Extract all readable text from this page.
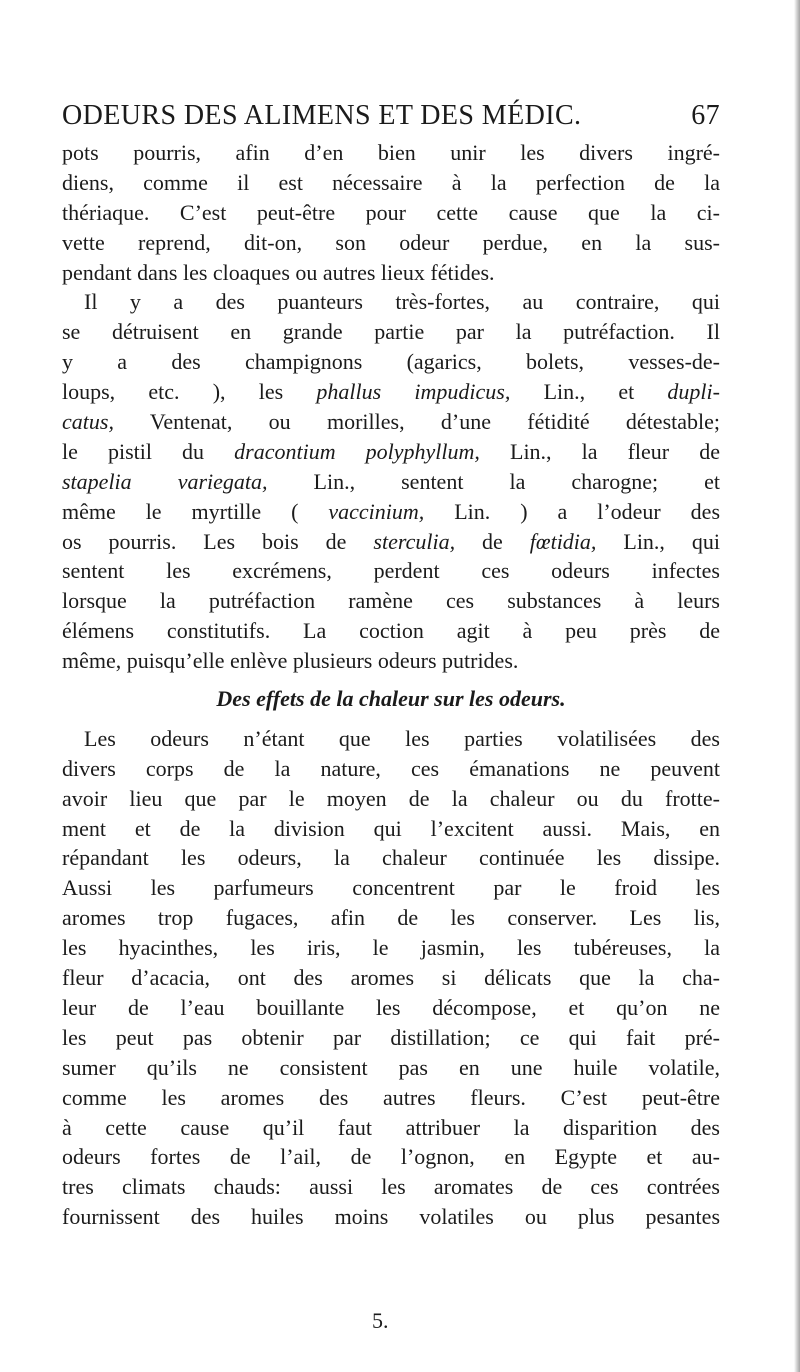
ODEURS DES ALIMENS ET DES MÉDIC.	67
pots pourris, afin d’en bien unir les divers ingré-
diens, comme il est nécessaire à la perfection de la
thériaque. C’est peut-être pour cette cause que la ci-
vette reprend, dit-on, son odeur perdue, en la sus-
pendant dans les cloaques ou autres lieux fétides.
Il y a des puanteurs très-fortes, au contraire, qui
se détruisent en grande partie par la putréfaction. Il
y a des champignons (agarics, bolets, vesses-de-
loups, etc. ), les phallus impudicus, Lin., et dupli-
catus, Ventenat, ou morilles, d’une fétidité détestable;
le pistil du dracontium polyphyllum, Lin., la fleur de
stapelia variegata, Lin., sentent la charogne; et
même le myrtille ( vaccinium, Lin. ) a l’odeur des
os pourris. Les bois de sterculia, de fœtidia, Lin., qui
sentent les excrémens, perdent ces odeurs infectes
lorsque la putréfaction ramène ces substances à leurs
élémens constitutifs. La coction agit à peu près de
même, puisqu’elle enlève plusieurs odeurs putrides.
Des effets de la chaleur sur les odeurs.
Les odeurs n’étant que les parties volatilisées des
divers corps de la nature, ces émanations ne peuvent
avoir lieu que par le moyen de la chaleur ou du frotte-
ment et de la division qui l’excitent aussi. Mais, en
répandant les odeurs, la chaleur continuée les dissipe.
Aussi les parfumeurs concentrent par le froid les
aromes trop fugaces, afin de les conserver. Les lis,
les hyacinthes, les iris, le jasmin, les tubéreuses, la
fleur d’acacia, ont des aromes si délicats que la cha-
leur de l’eau bouillante les décompose, et qu’on ne
les peut pas obtenir par distillation; ce qui fait pré-
sumer qu’ils ne consistent pas en une huile volatile,
comme les aromes des autres fleurs. C’est peut-être
à cette cause qu’il faut attribuer la disparition des
odeurs fortes de l’ail, de l’ognon, en Egypte et au-
tres climats chauds: aussi les aromates de ces contrées
fournissent des huiles moins volatiles ou plus pesantes
5.
